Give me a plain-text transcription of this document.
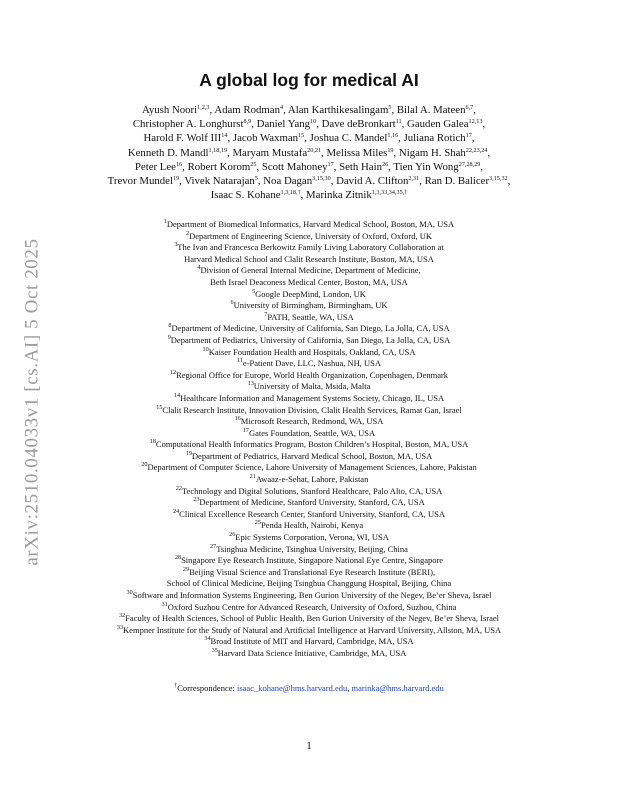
arXiv:2510.04033v1 [cs.AI] 5 Oct 2025
A global log for medical AI
Ayush Noori$^{1,2,3}$, Adam Rodman$^4$, Alan Karthikesalingam$^5$, Bilal A. Mateen$^{6,7}$,
Christopher A. Longhurst$^{8,9}$, Daniel Yang$^{10}$, Dave deBronkart$^{11}$, Gauden Galea$^{12,13}$,
Harold F. Wolf III$^{14}$, Jacob Waxman$^{15}$, Joshua C. Mandel$^{1,16}$, Juliana Rotich$^{17}$,
Kenneth D. Mandl$^{1,18,19}$, Maryam Mustafa$^{20,21}$, Melissa Miles$^{19}$, Nigam H. Shah$^{22,23,24}$,
Peter Lee$^{16}$, Robert Korom$^{25}$, Scott Mahoney$^{17}$, Seth Hain$^{26}$, Tien Yin Wong$^{27,28,29}$,
Trevor Mundel$^{19}$, Vivek Natarajan$^5$, Noa Dagan$^{3,15,30}$, David A. Clifton$^{2,31}$, Ran D. Balicer$^{3,15,32}$,
Isaac S. Kohane$^{1,3,18,\dagger}$, Marinka Zitnik$^{1,3,33,34,35,\dagger}$
$^1$Department of Biomedical Informatics, Harvard Medical School, Boston, MA, USA
$^2$Department of Engineering Science, University of Oxford, Oxford, UK
$^3$The Ivan and Francesca Berkowitz Family Living Laboratory Collaboration at
Harvard Medical School and Clalit Research Institute, Boston, MA, USA
$^4$Division of General Internal Medicine, Department of Medicine,
Beth Israel Deaconess Medical Center, Boston, MA, USA
$^5$Google DeepMind, London, UK
$^6$University of Birmingham, Birmingham, UK
$^7$PATH, Seattle, WA, USA
$^8$Department of Medicine, University of California, San Diego, La Jolla, CA, USA
$^9$Department of Pediatrics, University of California, San Diego, La Jolla, CA, USA
$^{10}$Kaiser Foundation Health and Hospitals, Oakland, CA, USA
$^{11}$e-Patient Dave, LLC, Nashua, NH, USA
$^{12}$Regional Office for Europe, World Health Organization, Copenhagen, Denmark
$^{13}$University of Malta, Msida, Malta
$^{14}$Healthcare Information and Management Systems Society, Chicago, IL, USA
$^{15}$Clalit Research Institute, Innovation Division, Clalit Health Services, Ramat Gan, Israel
$^{16}$Microsoft Research, Redmond, WA, USA
$^{17}$Gates Foundation, Seattle, WA, USA
$^{18}$Computational Health Informatics Program, Boston Children’s Hospital, Boston, MA, USA
$^{19}$Department of Pediatrics, Harvard Medical School, Boston, MA, USA
$^{20}$Department of Computer Science, Lahore University of Management Sciences, Lahore, Pakistan
$^{21}$Awaaz-e-Sehat, Lahore, Pakistan
$^{22}$Technology and Digital Solutions, Stanford Healthcare, Palo Alto, CA, USA
$^{23}$Department of Medicine, Stanford University, Stanford, CA, USA
$^{24}$Clinical Excellence Research Center, Stanford University, Stanford, CA, USA
$^{25}$Penda Health, Nairobi, Kenya
$^{26}$Epic Systems Corporation, Verona, WI, USA
$^{27}$Tsinghua Medicine, Tsinghua University, Beijing, China
$^{28}$Singapore Eye Research Institute, Singapore National Eye Centre, Singapore
$^{29}$Beijing Visual Science and Translational Eye Research Institute (BERI),
School of Clinical Medicine, Beijing Tsinghua Changgung Hospital, Beijing, China
$^{30}$Software and Information Systems Engineering, Ben Gurion University of the Negev, Be’er Sheva, Israel
$^{31}$Oxford Suzhou Centre for Advanced Research, University of Oxford, Suzhou, China
$^{32}$Faculty of Health Sciences, School of Public Health, Ben Gurion University of the Negev, Be’er Sheva, Israel
$^{33}$Kempner Institute for the Study of Natural and Artificial Intelligence at Harvard University, Allston, MA, USA
$^{34}$Broad Institute of MIT and Harvard, Cambridge, MA, USA
$^{35}$Harvard Data Science Initiative, Cambridge, MA, USA
†Correspondence: isaac_kohane@hms.harvard.edu, marinka@hms.harvard.edu
1
